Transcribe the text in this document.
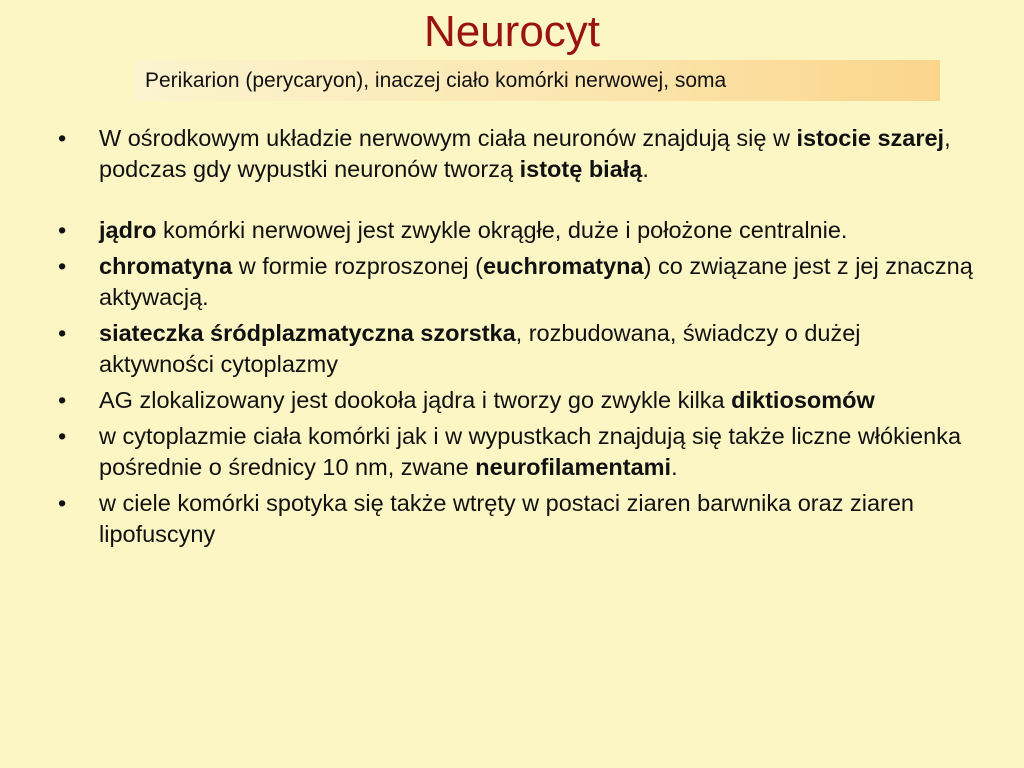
Neurocyt
Perikarion (perycaryon), inaczej ciało komórki nerwowej, soma
• W ośrodkowym układzie nerwowym ciała neuronów znajdują się w istocie szarej, podczas gdy wypustki neuronów tworzą istotę białą.
• jądro komórki nerwowej jest zwykle okrągłe, duże i położone centralnie.
• chromatyna w formie rozproszonej (euchromatyna) co związane jest z jej znaczną aktywacją.
• siateczka śródplazmatyczna szorstka, rozbudowana, świadczy o dużej aktywności cytoplazmy
• AG zlokalizowany jest dookoła jądra i tworzy go zwykle kilka diktiosomów
• w cytoplazmie ciała komórki jak i w wypustkach znajdują się także liczne włókienka pośrednie o średnicy 10 nm, zwane neurofilamentami.
• w ciele komórki spotyka się także wtręty w postaci ziaren barwnika oraz ziaren lipofuscyny
